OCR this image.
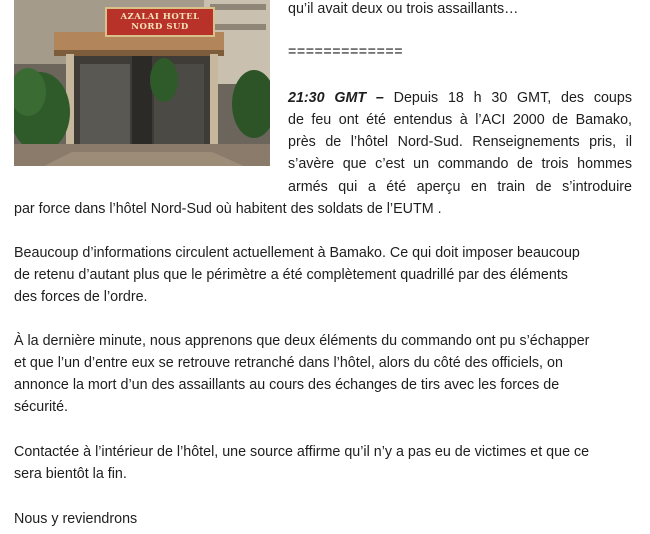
AZALAI HOTEL
NORD SUD

qu’il avait deux ou trois assaillants…

=============

21:30 GMT – Depuis 18 h 30 GMT, des coups

de feu ont été entendus à l’ACI 2000 de Bamako,

près de l’hôtel Nord-Sud. Renseignements pris, il

s’avère que c’est un commando de trois hommes

armés qui a été aperçu en train de s’introduire

par force dans l’hôtel Nord-Sud où habitent des soldats de l’EUTM .

Beaucoup d’informations circulent actuellement à Bamako. Ce qui doit imposer beaucoup

de retenu d’autant plus que le périmètre a été complètement quadrillé par des éléments

des forces de l’ordre.

À la dernière minute, nous apprenons que deux éléments du commando ont pu s’échapper

et que l’un d’entre eux se retrouve retranché dans l’hôtel, alors du côté des officiels, on

annonce la mort d’un des assaillants au cours des échanges de tirs avec les forces de

sécurité.

Contactée à l’intérieur de l’hôtel, une source affirme qu’il n’y a pas eu de victimes et que ce

sera bientôt la fin.

Nous y reviendrons
